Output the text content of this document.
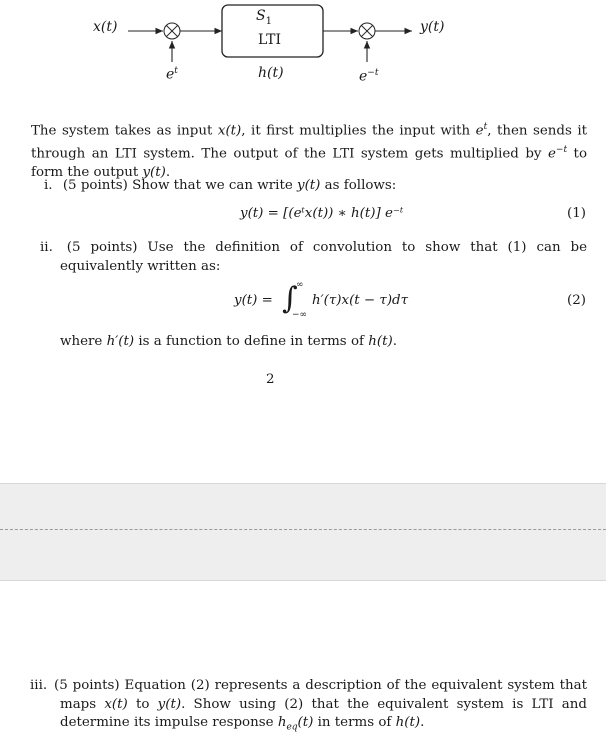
x(t)	y(t)
$S_1$
LTI
h(t)
$e^t$	$e^{-t}$
The system takes as input x(t), it first multiplies the input with $e^t$, then sends it through an LTI system. The output of the LTI system gets multiplied by $e^{-t}$ to form the output y(t).
i. (5 points) Show that we can write y(t) as follows:
y(t) = [(eᵗx(t)) ∗ h(t)] e⁻ᵗ	(1)
ii. (5 points) Use the definition of convolution to show that (1) can be equivalently written as:
y(t) = ∫
∞
−∞
h′(τ)x(t − τ)dτ	(2)
where h′(t) is a function to define in terms of h(t).
2
iii. (5 points) Equation (2) represents a description of the equivalent system that maps x(t) to y(t). Show using (2) that the equivalent system is LTI and determine its impulse response $h_{eq}(t)$ in terms of h(t).
